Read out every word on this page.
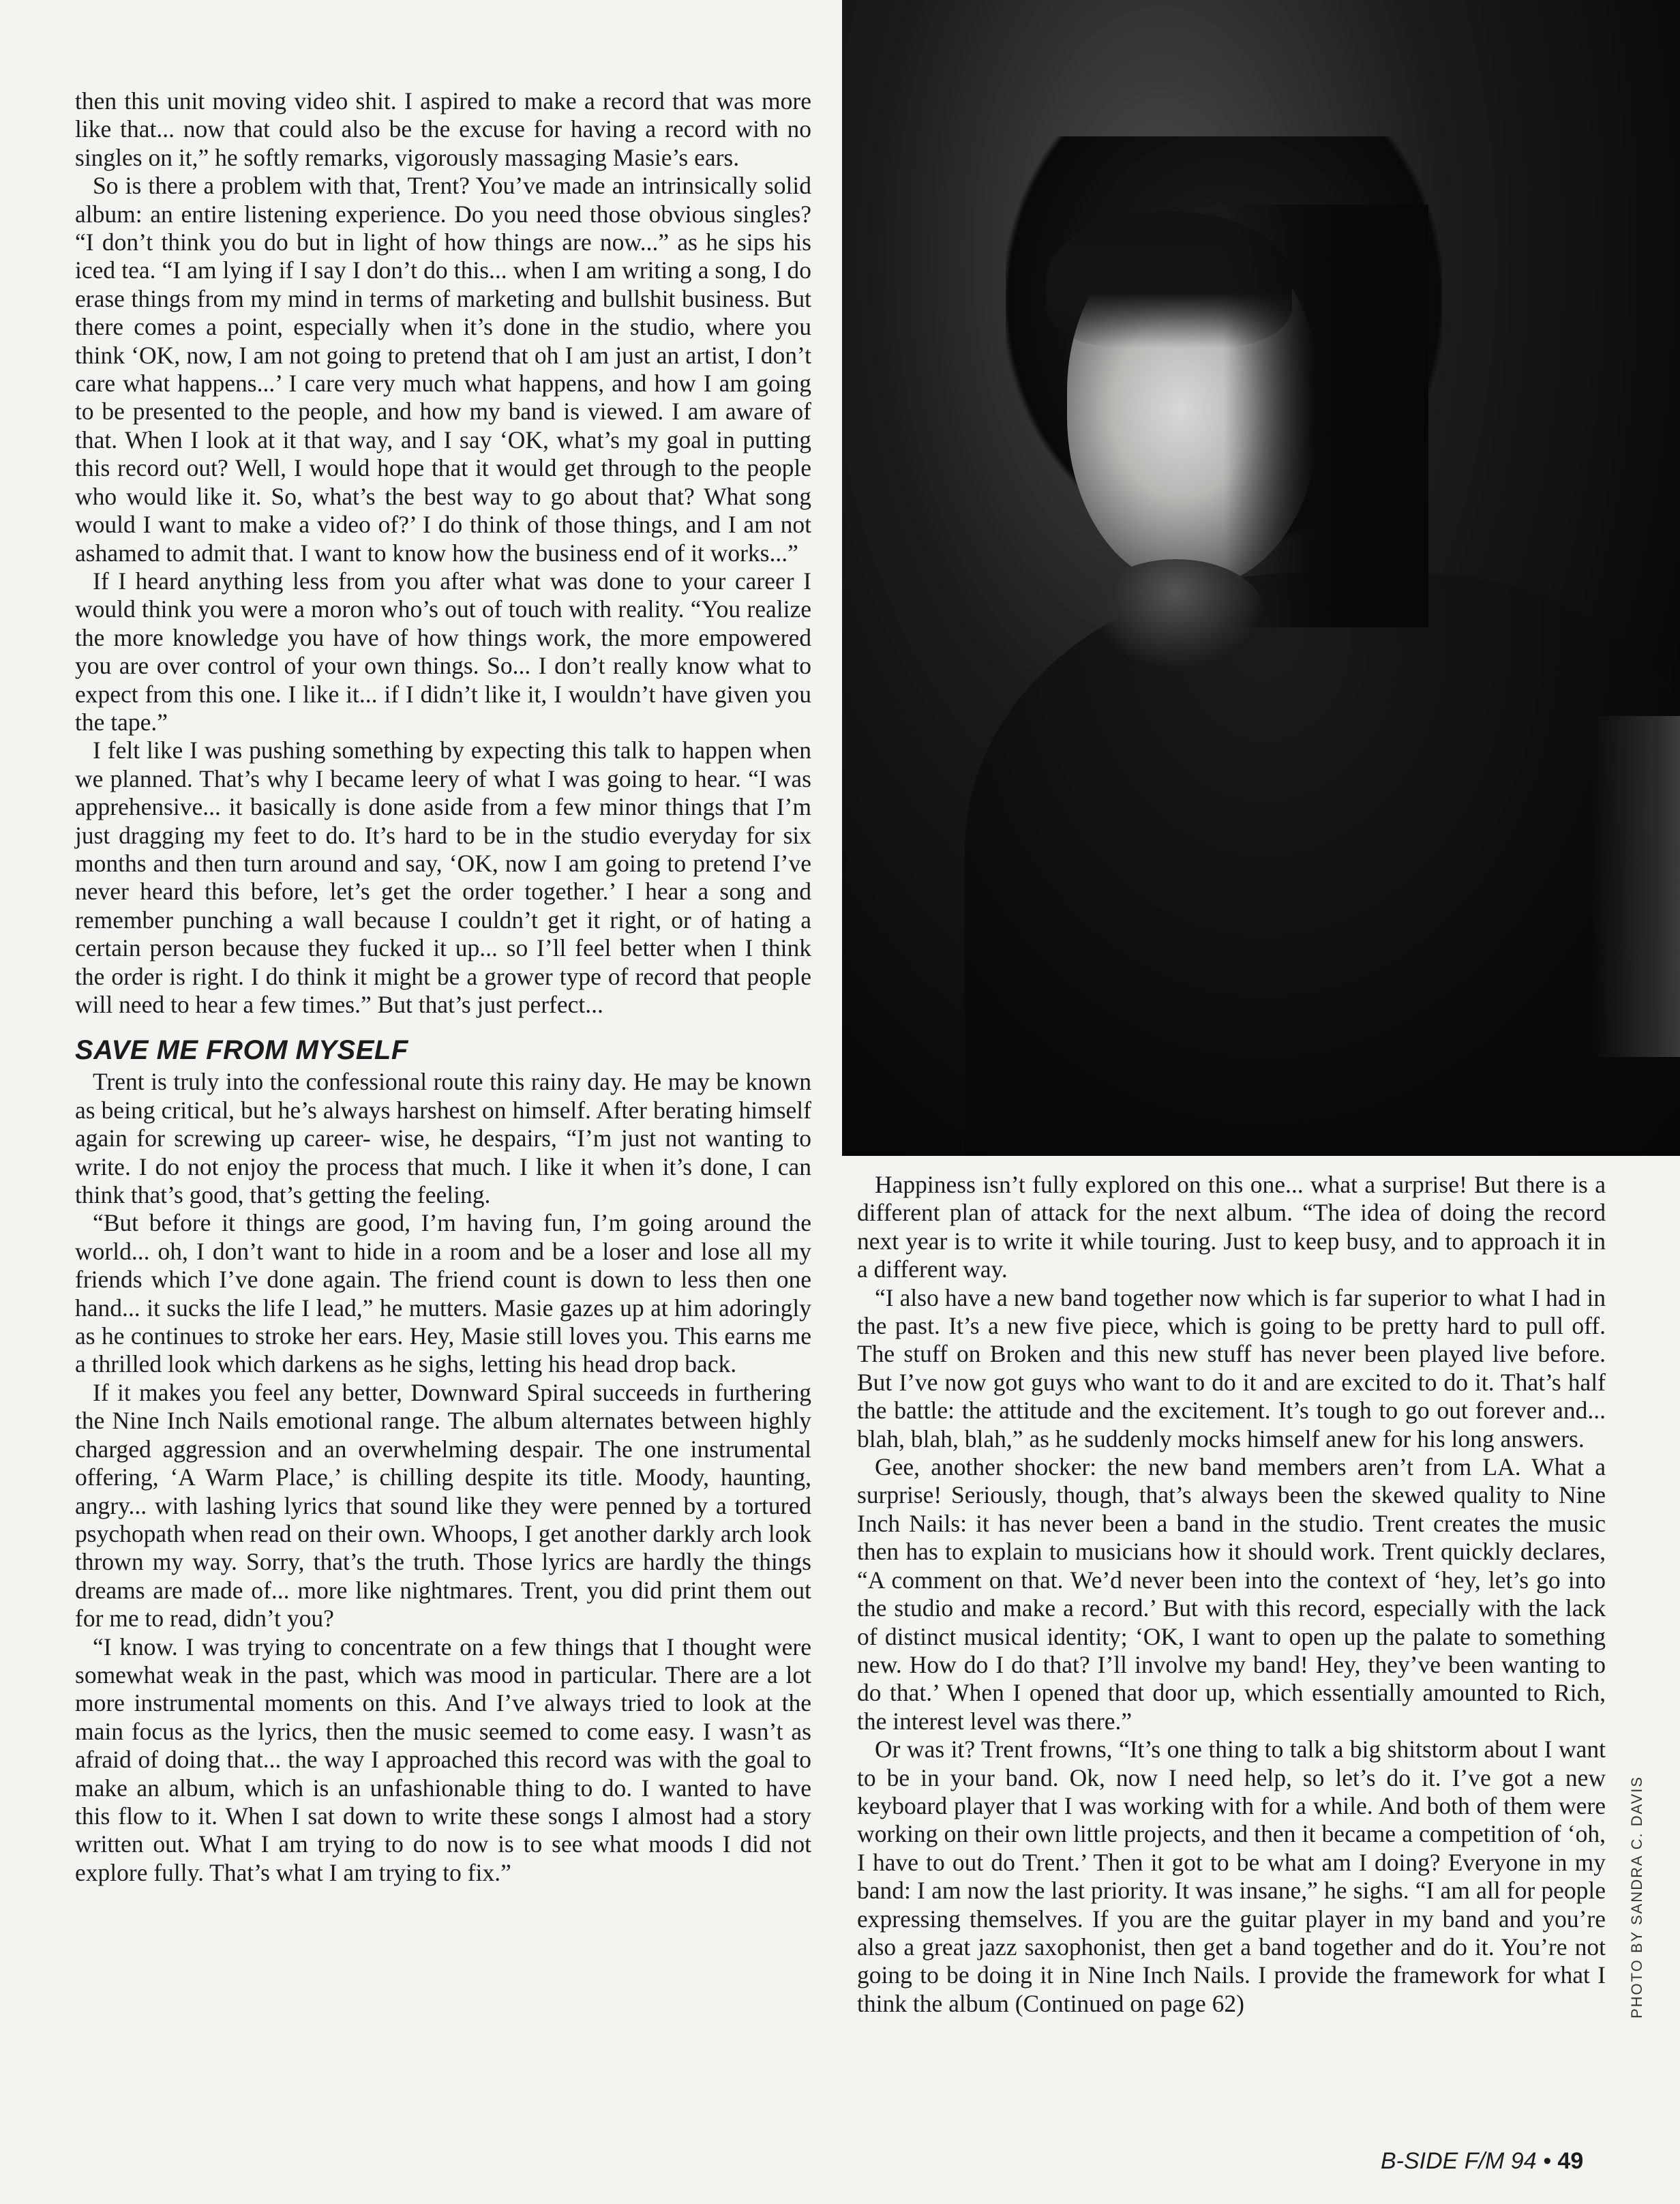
then this unit moving video shit. I aspired to make a record that was more like that... now that could also be the excuse for having a record with no singles on it,” he softly remarks, vigorously massaging Masie’s ears.

So is there a problem with that, Trent? You’ve made an intrinsically solid album: an entire listening experience. Do you need those obvious singles? “I don’t think you do but in light of how things are now...” as he sips his iced tea. “I am lying if I say I don’t do this... when I am writing a song, I do erase things from my mind in terms of marketing and bullshit business. But there comes a point, especially when it’s done in the studio, where you think ‘OK, now, I am not going to pretend that oh I am just an artist, I don’t care what happens...’ I care very much what happens, and how I am going to be presented to the people, and how my band is viewed. I am aware of that. When I look at it that way, and I say ‘OK, what’s my goal in putting this record out? Well, I would hope that it would get through to the people who would like it. So, what’s the best way to go about that? What song would I want to make a video of?’ I do think of those things, and I am not ashamed to admit that. I want to know how the business end of it works...”

If I heard anything less from you after what was done to your career I would think you were a moron who’s out of touch with reality. “You realize the more knowledge you have of how things work, the more empowered you are over control of your own things. So... I don’t really know what to expect from this one. I like it... if I didn’t like it, I wouldn’t have given you the tape.”

I felt like I was pushing something by expecting this talk to happen when we planned. That’s why I became leery of what I was going to hear. “I was apprehensive... it basically is done aside from a few minor things that I’m just dragging my feet to do. It’s hard to be in the studio everyday for six months and then turn around and say, ‘OK, now I am going to pretend I’ve never heard this before, let’s get the order together.’ I hear a song and remember punching a wall because I couldn’t get it right, or of hating a certain person because they fucked it up... so I’ll feel better when I think the order is right. I do think it might be a grower type of record that people will need to hear a few times.” But that’s just perfect...

SAVE ME FROM MYSELF

Trent is truly into the confessional route this rainy day. He may be known as being critical, but he’s always harshest on himself. After berating himself again for screwing up career- wise, he despairs, “I’m just not wanting to write. I do not enjoy the process that much. I like it when it’s done, I can think that’s good, that’s getting the feeling.

“But before it things are good, I’m having fun, I’m going around the world... oh, I don’t want to hide in a room and be a loser and lose all my friends which I’ve done again. The friend count is down to less then one hand... it sucks the life I lead,” he mutters. Masie gazes up at him adoringly as he continues to stroke her ears. Hey, Masie still loves you. This earns me a thrilled look which darkens as he sighs, letting his head drop back.

If it makes you feel any better, Downward Spiral succeeds in furthering the Nine Inch Nails emotional range. The album alternates between highly charged aggression and an overwhelming despair. The one instrumental offering, ‘A Warm Place,’ is chilling despite its title. Moody, haunting, angry... with lashing lyrics that sound like they were penned by a tortured psychopath when read on their own. Whoops, I get another darkly arch look thrown my way. Sorry, that’s the truth. Those lyrics are hardly the things dreams are made of... more like nightmares. Trent, you did print them out for me to read, didn’t you?

“I know. I was trying to concentrate on a few things that I thought were somewhat weak in the past, which was mood in particular. There are a lot more instrumental moments on this. And I’ve always tried to look at the main focus as the lyrics, then the music seemed to come easy. I wasn’t as afraid of doing that... the way I approached this record was with the goal to make an album, which is an unfashionable thing to do. I wanted to have this flow to it. When I sat down to write these songs I almost had a story written out. What I am trying to do now is to see what moods I did not explore fully. That’s what I am trying to fix.”

Happiness isn’t fully explored on this one... what a surprise! But there is a different plan of attack for the next album. “The idea of doing the record next year is to write it while touring. Just to keep busy, and to approach it in a different way.

“I also have a new band together now which is far superior to what I had in the past. It’s a new five piece, which is going to be pretty hard to pull off. The stuff on Broken and this new stuff has never been played live before. But I’ve now got guys who want to do it and are excited to do it. That’s half the battle: the attitude and the excitement. It’s tough to go out forever and... blah, blah, blah,” as he suddenly mocks himself anew for his long answers.

Gee, another shocker: the new band members aren’t from LA. What a surprise! Seriously, though, that’s always been the skewed quality to Nine Inch Nails: it has never been a band in the studio. Trent creates the music then has to explain to musicians how it should work. Trent quickly declares, “A comment on that. We’d never been into the context of ‘hey, let’s go into the studio and make a record.’ But with this record, especially with the lack of distinct musical identity; ‘OK, I want to open up the palate to something new. How do I do that? I’ll involve my band! Hey, they’ve been wanting to do that.’ When I opened that door up, which essentially amounted to Rich, the interest level was there.”

Or was it? Trent frowns, “It’s one thing to talk a big shitstorm about I want to be in your band. Ok, now I need help, so let’s do it. I’ve got a new keyboard player that I was working with for a while. And both of them were working on their own little projects, and then it became a competition of ‘oh, I have to out do Trent.’ Then it got to be what am I doing? Everyone in my band: I am now the last priority. It was insane,” he sighs. “I am all for people expressing themselves. If you are the guitar player in my band and you’re also a great jazz saxophonist, then get a band together and do it. You’re not going to be doing it in Nine Inch Nails. I provide the framework for what I think the album (Continued on page 62)	PHOTO BY SANDRA C. DAVIS
B-SIDE F/M 94 • 49
